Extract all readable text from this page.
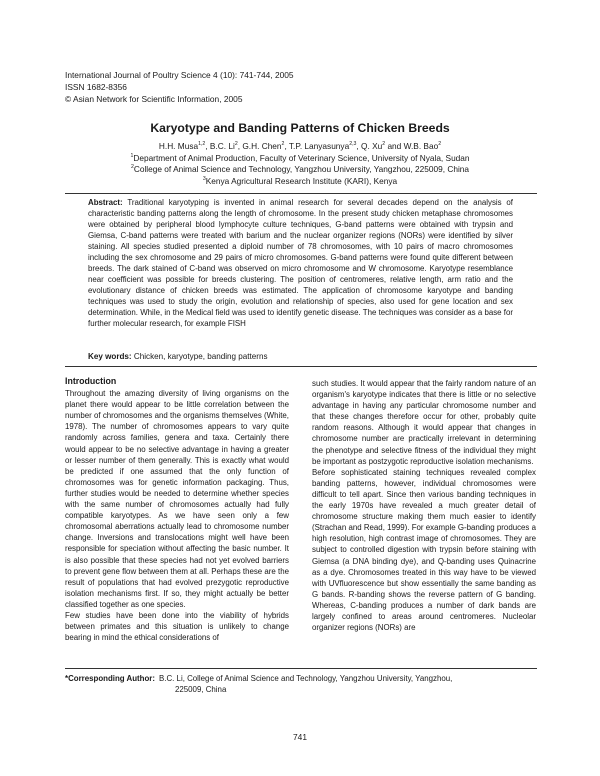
International Journal of Poultry Science 4 (10): 741-744, 2005
ISSN 1682-8356
© Asian Network for Scientific Information, 2005
Karyotype and Banding Patterns of Chicken Breeds
H.H. Musa$^{1,2}$, B.C. Li$^2$, G.H. Chen$^2$, T.P. Lanyasunya$^{2,3}$, Q. Xu$^2$ and W.B. Bao$^2$
$^1$Department of Animal Production, Faculty of Veterinary Science, University of Nyala, Sudan
$^2$College of Animal Science and Technology, Yangzhou University, Yangzhou, 225009, China
$^3$Kenya Agricultural Research Institute (KARI), Kenya
Abstract: Traditional karyotyping is invented in animal research for several decades depend on the analysis of characteristic banding patterns along the length of chromosome. In the present study chicken metaphase chromosomes were obtained by peripheral blood lymphocyte culture techniques, G-band patterns were obtained with trypsin and Giemsa, C-band patterns were treated with barium and the nuclear organizer regions (NORs) were identified by silver staining. All species studied presented a diploid number of 78 chromosomes, with 10 pairs of macro chromosomes including the sex chromosome and 29 pairs of micro chromosomes. G-band patterns were found quite different between breeds. The dark stained of C-band was observed on micro chromosome and W chromosome. Karyotype resemblance near coefficient was possible for breeds clustering. The position of centromeres, relative length, arm ratio and the evolutionary distance of chicken breeds was estimated. The application of chromosome karyotype and banding techniques was used to study the origin, evolution and relationship of species, also used for gene location and sex determination. While, in the Medical field was used to identify genetic disease. The techniques was consider as a base for further molecular research, for example FISH
Key words: Chicken, karyotype, banding patterns
Introduction

Throughout the amazing diversity of living organisms on the planet there would appear to be little correlation between the number of chromosomes and the organisms themselves (White, 1978). The number of chromosomes appears to vary quite randomly across families, genera and taxa. Certainly there would appear to be no selective advantage in having a greater or lesser number of them generally. This is exactly what would be predicted if one assumed that the only function of chromosomes was for genetic information packaging. Thus, further studies would be needed to determine whether species with the same number of chromosomes actually had fully compatible karyotypes. As we have seen only a few chromosomal aberrations actually lead to chromosome number change. Inversions and translocations might well have been responsible for speciation without affecting the basic number. It is also possible that these species had not yet evolved barriers to prevent gene flow between them at all. Perhaps these are the result of populations that had evolved prezygotic reproductive isolation mechanisms first. If so, they might actually be better classified together as one species.

Few studies have been done into the viability of hybrids between primates and this situation is unlikely to change bearing in mind the ethical considerations of

such studies. It would appear that the fairly random nature of an organism's karyotype indicates that there is little or no selective advantage in having any particular chromosome number and that these changes therefore occur for other, probably quite random reasons. Although it would appear that changes in chromosome number are practically irrelevant in determining the phenotype and selective fitness of the individual they might be important as postzygotic reproductive isolation mechanisms.

Before sophisticated staining techniques revealed complex banding patterns, however, individual chromosomes were difficult to tell apart. Since then various banding techniques in the early 1970s have revealed a much greater detail of chromosome structure making them much easier to identify (Strachan and Read, 1999). For example G-banding produces a high resolution, high contrast image of chromosomes. They are subject to controlled digestion with trypsin before staining with Giemsa (a DNA binding dye), and Q-banding uses Quinacrine as a dye. Chromosomes treated in this way have to be viewed with UVfluorescence but show essentially the same banding as G bands. R-banding shows the reverse pattern of G banding. Whereas, C-banding produces a number of dark bands are largely confined to areas around centromeres. Nucleolar organizer regions (NORs) are

*Corresponding Author: B.C. Li, College of Animal Science and Technology, Yangzhou University, Yangzhou,
225009, China
741
